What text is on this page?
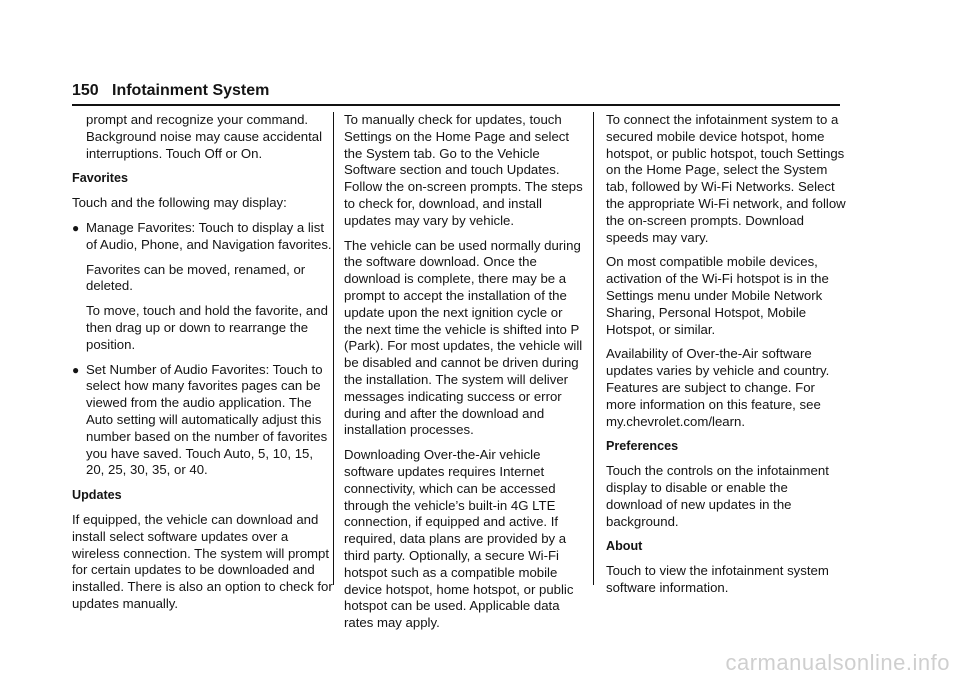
150 Infotainment System

prompt and recognize your command. Background noise may cause accidental interruptions. Touch Off or On.

Favorites

Touch and the following may display:

● Manage Favorites: Touch to display a list of Audio, Phone, and Navigation favorites.

Favorites can be moved, renamed, or deleted.

To move, touch and hold the favorite, and then drag up or down to rearrange the position.

● Set Number of Audio Favorites: Touch to select how many favorites pages can be viewed from the audio application. The Auto setting will automatically adjust this number based on the number of favorites you have saved. Touch Auto, 5, 10, 15, 20, 25, 30, 35, or 40.

Updates

If equipped, the vehicle can download and install select software updates over a wireless connection. The system will prompt for certain updates to be downloaded and installed. There is also an option to check for updates manually.

To manually check for updates, touch Settings on the Home Page and select the System tab. Go to the Vehicle Software section and touch Updates. Follow the on-screen prompts. The steps to check for, download, and install updates may vary by vehicle.

The vehicle can be used normally during the software download. Once the download is complete, there may be a prompt to accept the installation of the update upon the next ignition cycle or the next time the vehicle is shifted into P (Park). For most updates, the vehicle will be disabled and cannot be driven during the installation. The system will deliver messages indicating success or error during and after the download and installation processes.

Downloading Over-the-Air vehicle software updates requires Internet connectivity, which can be accessed through the vehicle’s built-in 4G LTE connection, if equipped and active. If required, data plans are provided by a third party. Optionally, a secure Wi-Fi hotspot such as a compatible mobile device hotspot, home hotspot, or public hotspot can be used. Applicable data rates may apply.

To connect the infotainment system to a secured mobile device hotspot, home hotspot, or public hotspot, touch Settings on the Home Page, select the System tab, followed by Wi-Fi Networks. Select the appropriate Wi-Fi network, and follow the on-screen prompts. Download speeds may vary.

On most compatible mobile devices, activation of the Wi-Fi hotspot is in the Settings menu under Mobile Network Sharing, Personal Hotspot, Mobile Hotspot, or similar.

Availability of Over-the-Air software updates varies by vehicle and country. Features are subject to change. For more information on this feature, see my.chevrolet.com/learn.

Preferences

Touch the controls on the infotainment display to disable or enable the download of new updates in the background.

About

Touch to view the infotainment system software information.

carmanualsonline.info
